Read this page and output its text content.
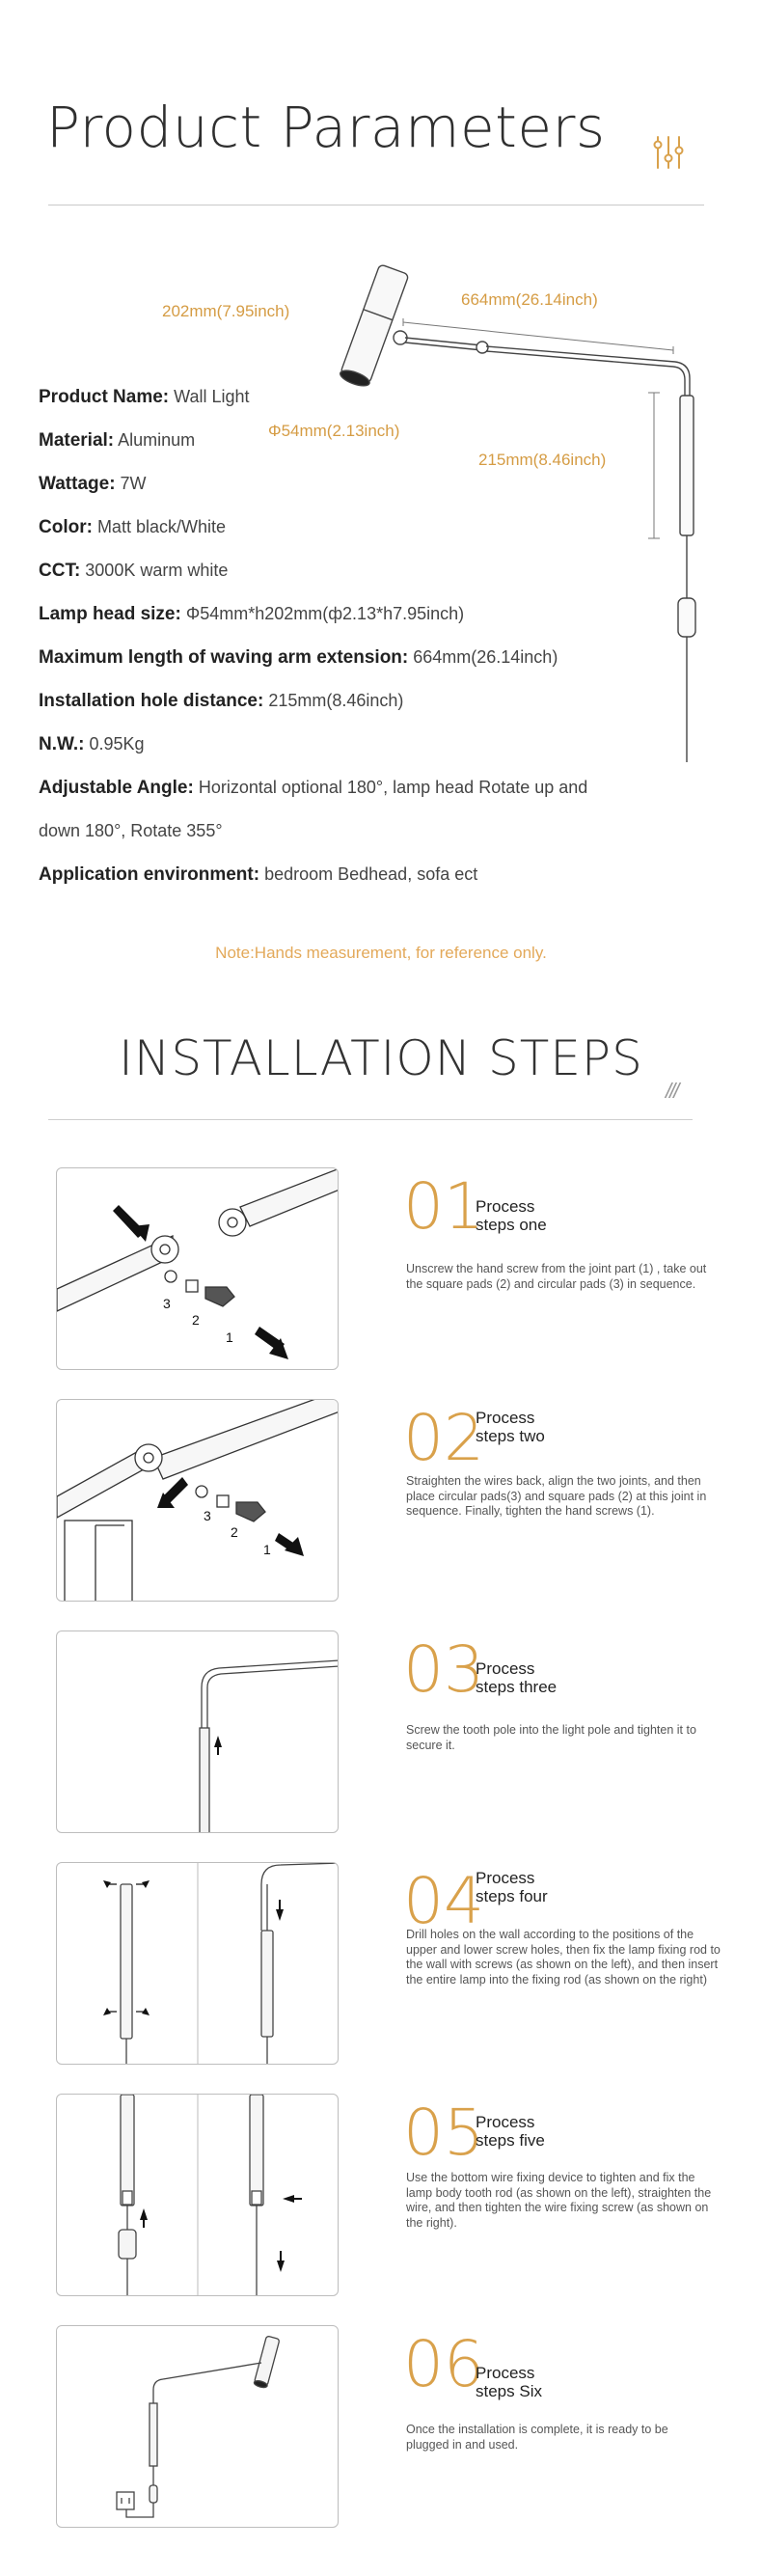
Product Parameters
202mm(7.95inch)
664mm(26.14inch)
Φ54mm(2.13inch)
215mm(8.46inch)
Product Name: Wall Light
Material: Aluminum
Wattage: 7W
Color: Matt black/White
CCT: 3000K warm white
Lamp head size: Φ54mm*h202mm(ф2.13*h7.95inch)
Maximum length of waving arm extension: 664mm(26.14inch)
Installation hole distance: 215mm(8.46inch)
N.W.: 0.95Kg
Adjustable Angle: Horizontal optional 180°, lamp head Rotate up and
down 180°, Rotate 355°
Application environment: bedroom Bedhead, sofa ect
Note:Hands measurement, for reference only.
INSTALLATION STEPS
///
3
2
1
01
Process
steps one
Unscrew the hand screw from the joint part (1) , take out the square pads (2) and circular pads (3) in sequence.
3
2
1
02
Process
steps two
Straighten the wires back, align the two joints, and then place circular pads(3) and square pads (2) at this joint in sequence. Finally, tighten the hand screws (1).
03
Process
steps three
Screw the tooth pole into the light pole and tighten it to secure it.
04
Process
steps four
Drill holes on the wall according to the positions of the upper and lower screw holes, then fix the lamp fixing rod to the wall with screws (as shown on the left), and then insert the entire lamp into the fixing rod (as shown on the right)
05
Process
steps five
Use the bottom wire fixing device to tighten and fix the lamp body tooth rod (as shown on the left), straighten the wire, and then tighten the wire fixing screw (as shown on the right).
06
Process
steps Six
Once the installation is complete, it is ready to be plugged in and used.
